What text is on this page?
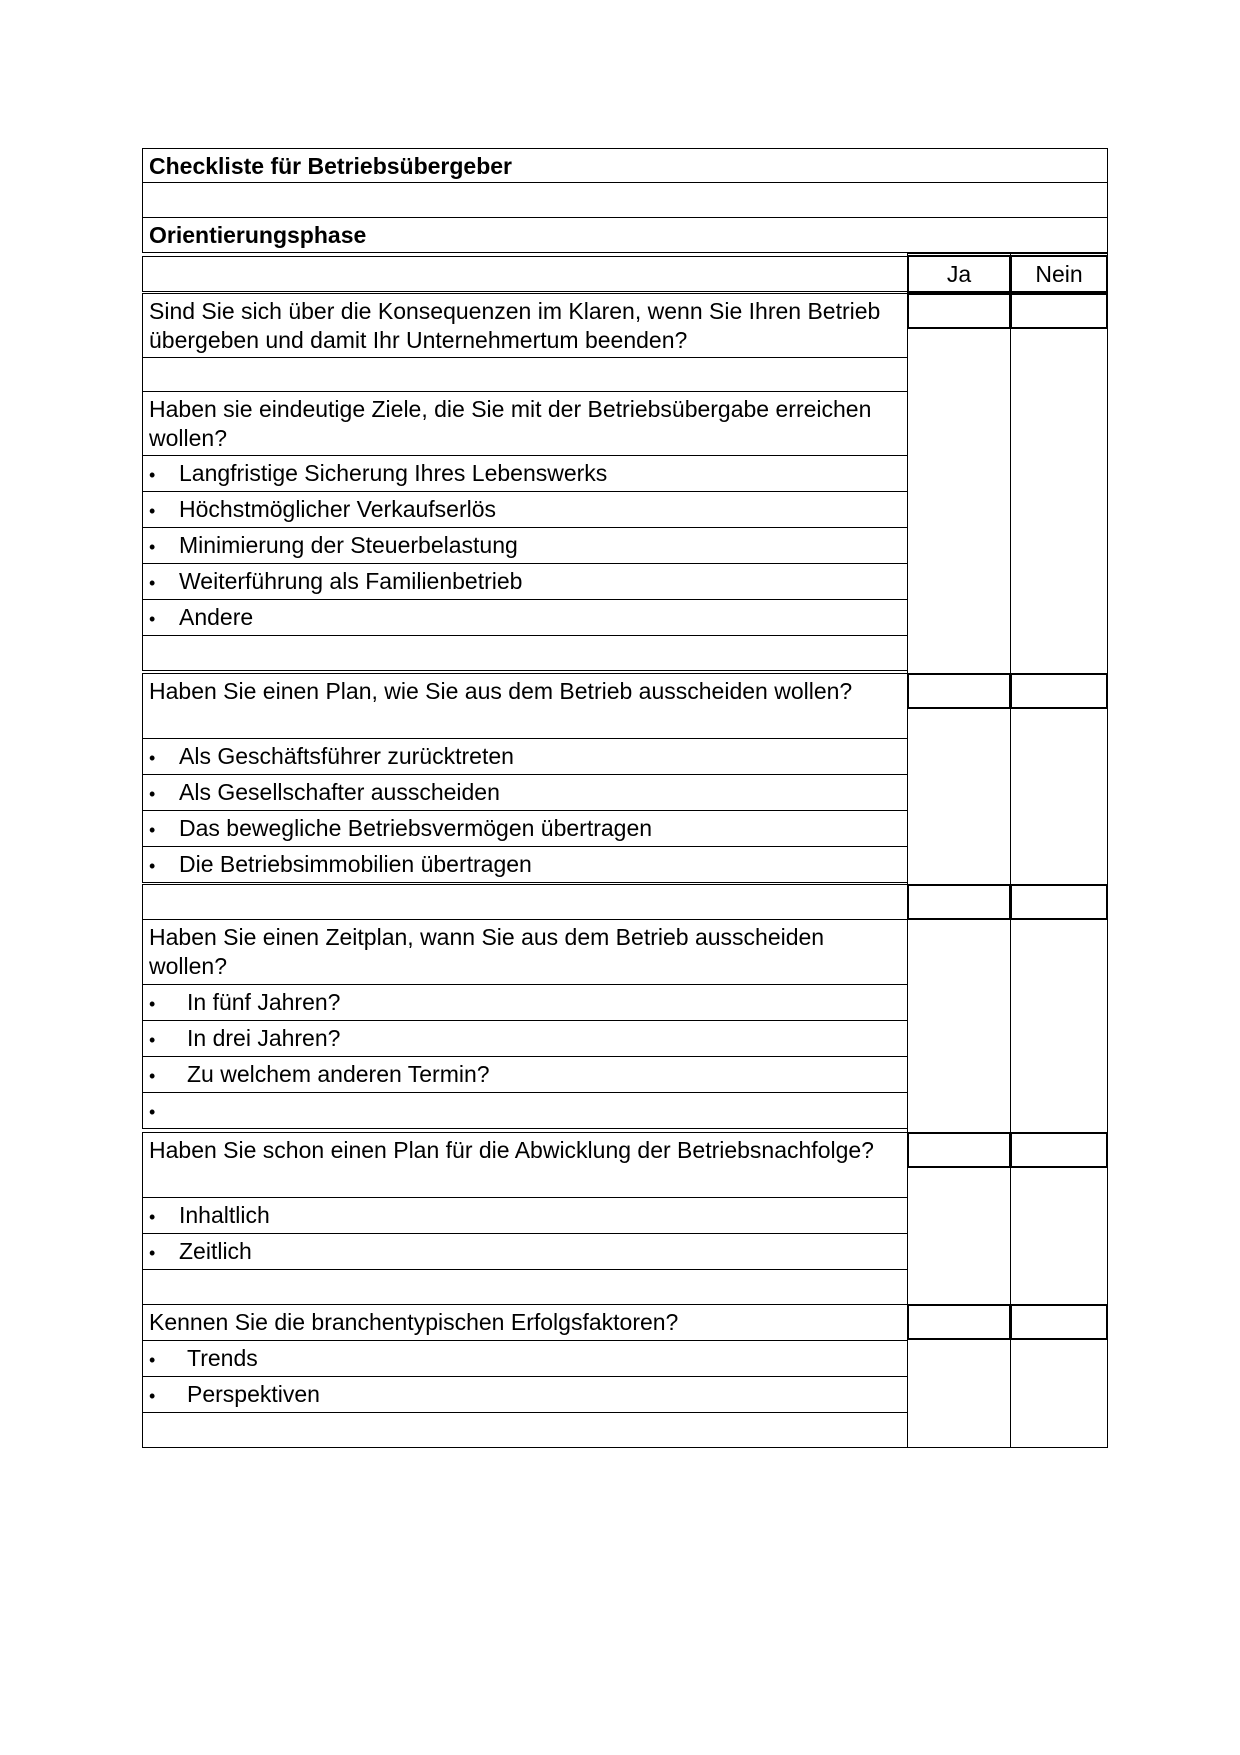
Checkliste für Betriebsübergeber
Orientierungsphase
Ja	Nein
Sind Sie sich über die Konsequenzen im Klaren, wenn Sie Ihren Betrieb übergeben und damit Ihr Unternehmertum beenden?
Haben sie eindeutige Ziele, die Sie mit der Betriebsübergabe erreichen wollen?
• Langfristige Sicherung Ihres Lebenswerks
• Höchstmöglicher Verkaufserlös
• Minimierung der Steuerbelastung
• Weiterführung als Familienbetrieb
• Andere
Haben Sie einen Plan, wie Sie aus dem Betrieb ausscheiden wollen?
• Als Geschäftsführer zurücktreten
• Als Gesellschafter ausscheiden
• Das bewegliche Betriebsvermögen übertragen
• Die Betriebsimmobilien übertragen
Haben Sie einen Zeitplan, wann Sie aus dem Betrieb ausscheiden wollen?
• In fünf Jahren?
• In drei Jahren?
• Zu welchem anderen Termin?
•
Haben Sie schon einen Plan für die Abwicklung der Betriebsnachfolge?
• Inhaltlich
• Zeitlich
Kennen Sie die branchentypischen Erfolgsfaktoren?
• Trends
• Perspektiven
